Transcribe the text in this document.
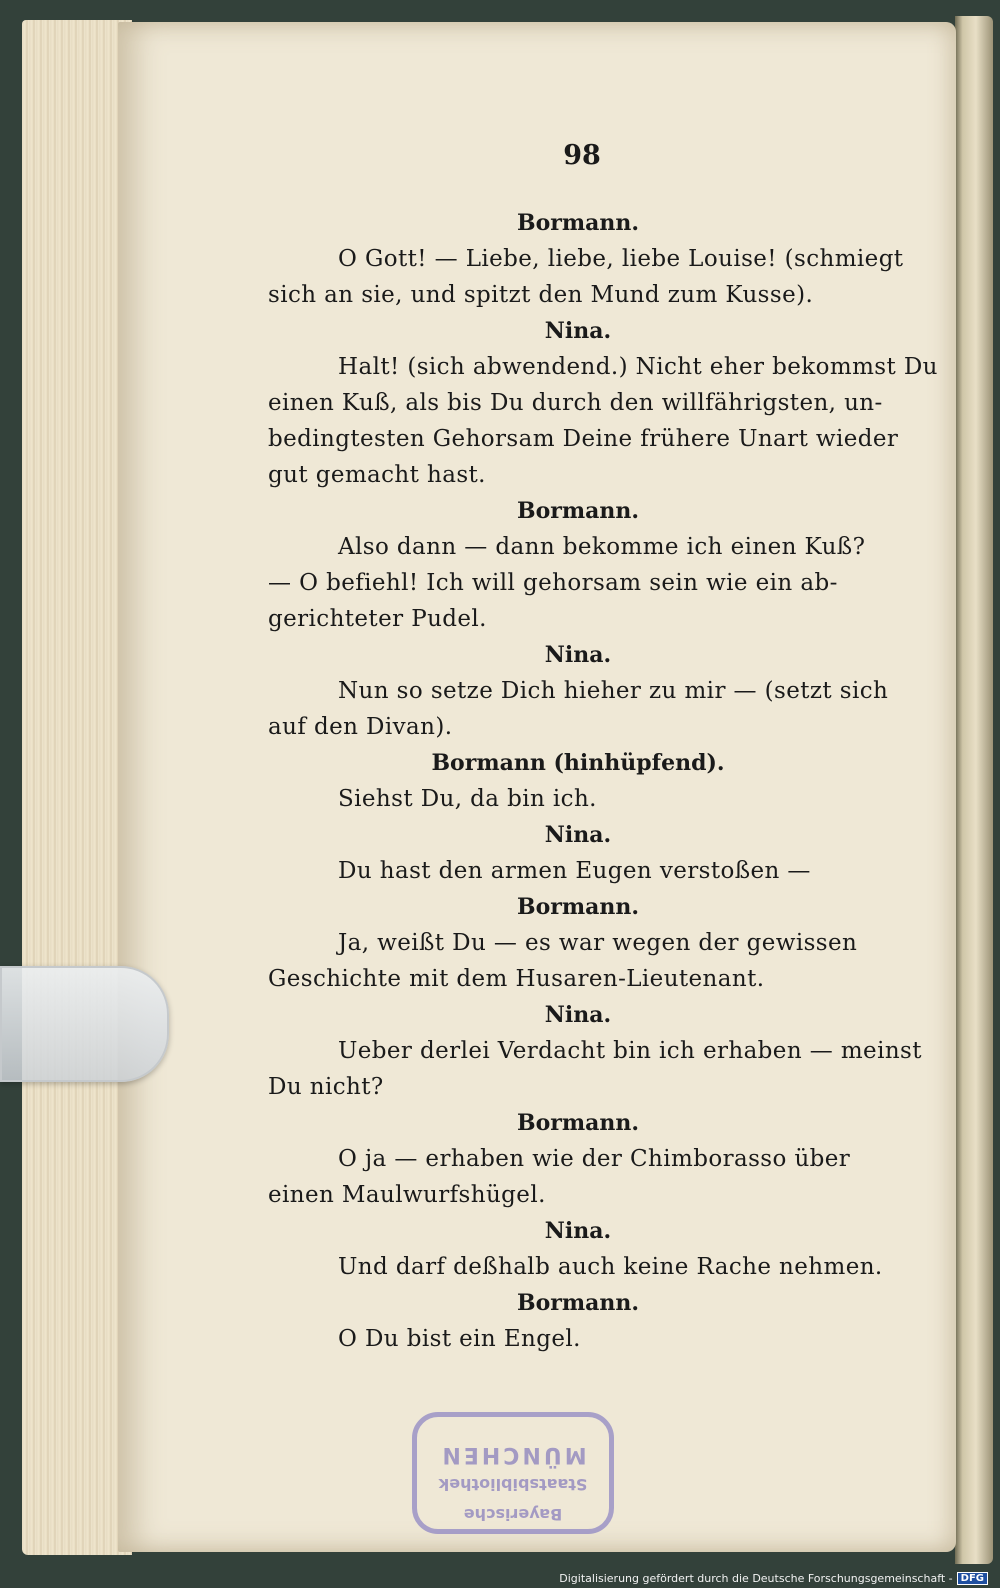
98
Bormann.
O Gott! — Liebe, liebe, liebe Louise! (schmiegt
sich an sie, und spitzt den Mund zum Kusse).
Nina.
Halt! (sich abwendend.) Nicht eher bekommst Du
einen Kuß, als bis Du durch den willfährigsten, un-
bedingtesten Gehorsam Deine frühere Unart wieder
gut gemacht hast.
Bormann.
Also dann — dann bekomme ich einen Kuß?
— O befiehl! Ich will gehorsam sein wie ein ab-
gerichteter Pudel.
Nina.
Nun so setze Dich hieher zu mir — (setzt sich
auf den Divan).
Bormann (hinhüpfend).
Siehst Du, da bin ich.
Nina.
Du hast den armen Eugen verstoßen —
Bormann.
Ja, weißt Du — es war wegen der gewissen
Geschichte mit dem Husaren-Lieutenant.
Nina.
Ueber derlei Verdacht bin ich erhaben — meinst
Du nicht?
Bormann.
O ja — erhaben wie der Chimborasso über
einen Maulwurfshügel.
Nina.
Und darf deßhalb auch keine Rache nehmen.
Bormann.
O Du bist ein Engel.
Bayerische
Staatsbibliothek
MÜNCHEN
Digitalisierung gefördert durch die Deutsche Forschungsgemeinschaft - DFG
